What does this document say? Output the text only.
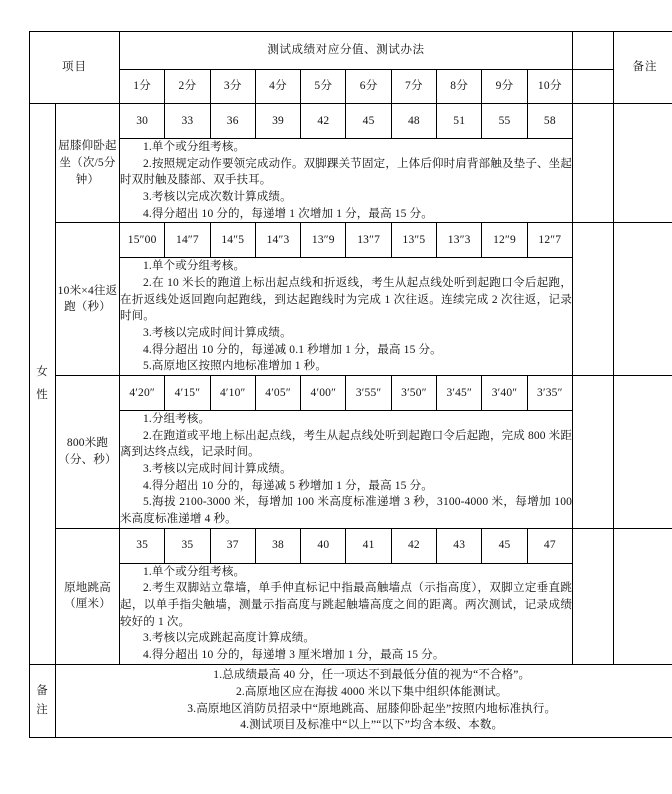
项目		测试成绩对应分值、测试办法											备注
		1分	2分	3分	4分	5分	6分	7分	8分	9分	10分		

女
性	屈膝仰卧起坐（次/5分钟）	30	33	36	39	42	45	48	51	55	58		

		1.单个或分组考核。
2.按照规定动作要领完成动作。双脚踝关节固定，上体后仰时肩背部触及垫子、坐起时双肘触及膝部、双手扶耳。
3.考核以完成次数计算成绩。
4.得分超出 10 分的，每递增 1 次增加 1 分，最高 15 分。											

	10米×4往返跑（秒）	15″00	14″7	14″5	14″3	13″9	13″7	13″5	13″3	12″9	12″7		

		1.单个或分组考核。
2.在 10 米长的跑道上标出起点线和折返线，考生从起点线处听到起跑口令后起跑，在折返线处返回跑向起跑线，到达起跑线时为完成 1 次往返。连续完成 2 次往返，记录时间。
3.考核以完成时间计算成绩。
4.得分超出 10 分的，每递减 0.1 秒增加 1 分，最高 15 分。
5.高原地区按照内地标准增加 1 秒。											

	800米跑（分、秒）	4′20″	4′15″	4′10″	4′05″	4′00″	3′55″	3′50″	3′45″	3′40″	3′35″		

		1.分组考核。
2.在跑道或平地上标出起点线，考生从起点线处听到起跑口令后起跑，完成 800 米距离到达终点线，记录时间。
3.考核以完成时间计算成绩。
4.得分超出 10 分的，每递减 5 秒增加 1 分，最高 15 分。
5.海拔 2100-3000 米，每增加 100 米高度标准递增 3 秒，3100-4000 米，每增加 100 米高度标准递增 4 秒。											

	原地跳高（厘米）	35	35	37	38	40	41	42	43	45	47		

		1.单个或分组考核。
2.考生双脚站立靠墙，单手伸直标记中指最高触墙点（示指高度），双脚立定垂直跳起，以单手指尖触墙，测量示指高度与跳起触墙高度之间的距离。两次测试，记录成绩较好的 1 次。
3.考核以完成跳起高度计算成绩。
4.得分超出 10 分的，每递增 3 厘米增加 1 分，最高 15 分。											

备
注	1.总成绩最高 40 分，任一项达不到最低分值的视为“不合格”。
2.高原地区应在海拔 4000 米以下集中组织体能测试。
3.高原地区消防员招录中“原地跳高、屈膝仰卧起坐”按照内地标准执行。
4.测试项目及标准中“以上”“以下”均含本级、本数。												
